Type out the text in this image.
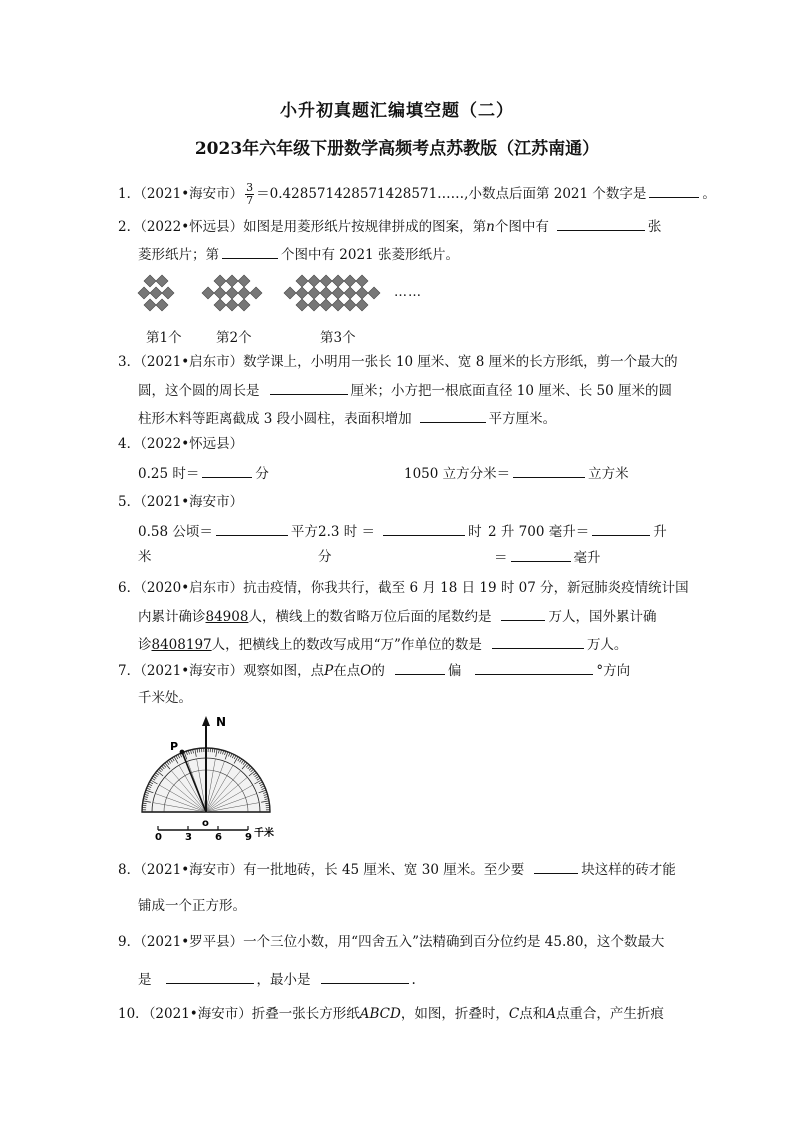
小升初真题汇编填空题（二）
2023年六年级下册数学高频考点苏教版（江苏南通）
1．（2021•海安市） $\frac{3}{7}$ ＝0.428571428571428571……,小数点后面第 2021 个数字是	。
2．（2022•怀远县）如图是用菱形纸片按规律拼成的图案，第n个图中有	张
菱形纸片；第	个图中有 2021 张菱形纸片。
……
第1个	第2个	第3个
3．（2021•启东市）数学课上，小明用一张长 10 厘米、宽 8 厘米的长方形纸，剪一个最大的
圆，这个圆的周长是	厘米；小方把一根底面直径 10 厘米、长 50 厘米的圆
柱形木料等距离截成 3 段小圆柱，表面积增加	平方厘米。
4．（2022•怀远县）
0.25 时＝	分	1050 立方分米＝	立方米
5．（2021•海安市）
0.58 公顷＝	平方
米
2.3 时 ＝	时
分
2 升 700 毫升＝	升
＝	毫升
6．（2020•启东市）抗击疫情，你我共行，截至 6 月 18 日 19 时 07 分，新冠肺炎疫情统计国
内累计确诊84908人，横线上的数省略万位后面的尾数约是	万人，国外累计确
诊8408197人，把横线上的数改写成用“万”作单位的数是	万人。
7．（2021•海安市）观察如图，点P在点O的	偏	°方向
千米处。
N
P
o
0 3 6 9 千米
8．（2021•海安市）有一批地砖，长 45 厘米、宽 30 厘米。至少要	块这样的砖才能
铺成一个正方形。
9．（2021•罗平县）一个三位小数，用“四舍五入”法精确到百分位约是 45.80，这个数最大
是	，最小是	.
10．（2021•海安市）折叠一张长方形纸ABCD，如图，折叠时，C点和A点重合，产生折痕
